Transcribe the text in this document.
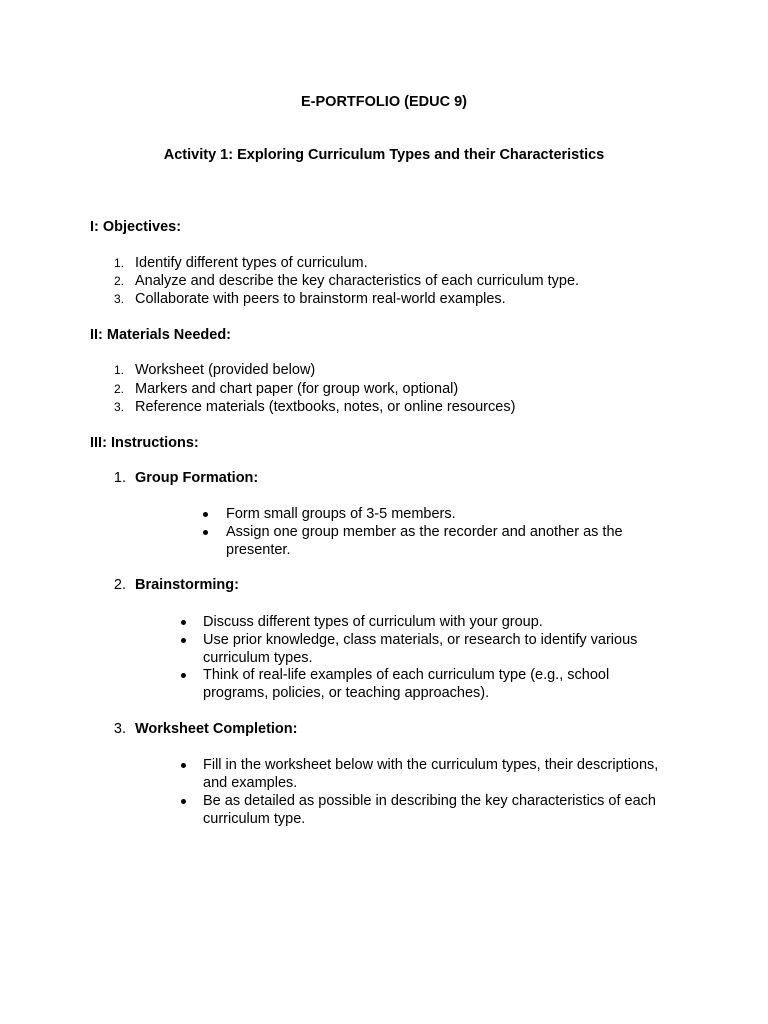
E-PORTFOLIO (EDUC 9)
Activity 1: Exploring Curriculum Types and their Characteristics
I: Objectives:
1. Identify different types of curriculum.
2. Analyze and describe the key characteristics of each curriculum type.
3. Collaborate with peers to brainstorm real-world examples.
II: Materials Needed:
1. Worksheet (provided below)
2. Markers and chart paper (for group work, optional)
3. Reference materials (textbooks, notes, or online resources)
III: Instructions:
1. Group Formation:
Form small groups of 3-5 members.
Assign one group member as the recorder and another as the
presenter.
2. Brainstorming:
Discuss different types of curriculum with your group.
Use prior knowledge, class materials, or research to identify various
curriculum types.
Think of real-life examples of each curriculum type (e.g., school
programs, policies, or teaching approaches).
3. Worksheet Completion:
Fill in the worksheet below with the curriculum types, their descriptions,
and examples.
Be as detailed as possible in describing the key characteristics of each
curriculum type.
